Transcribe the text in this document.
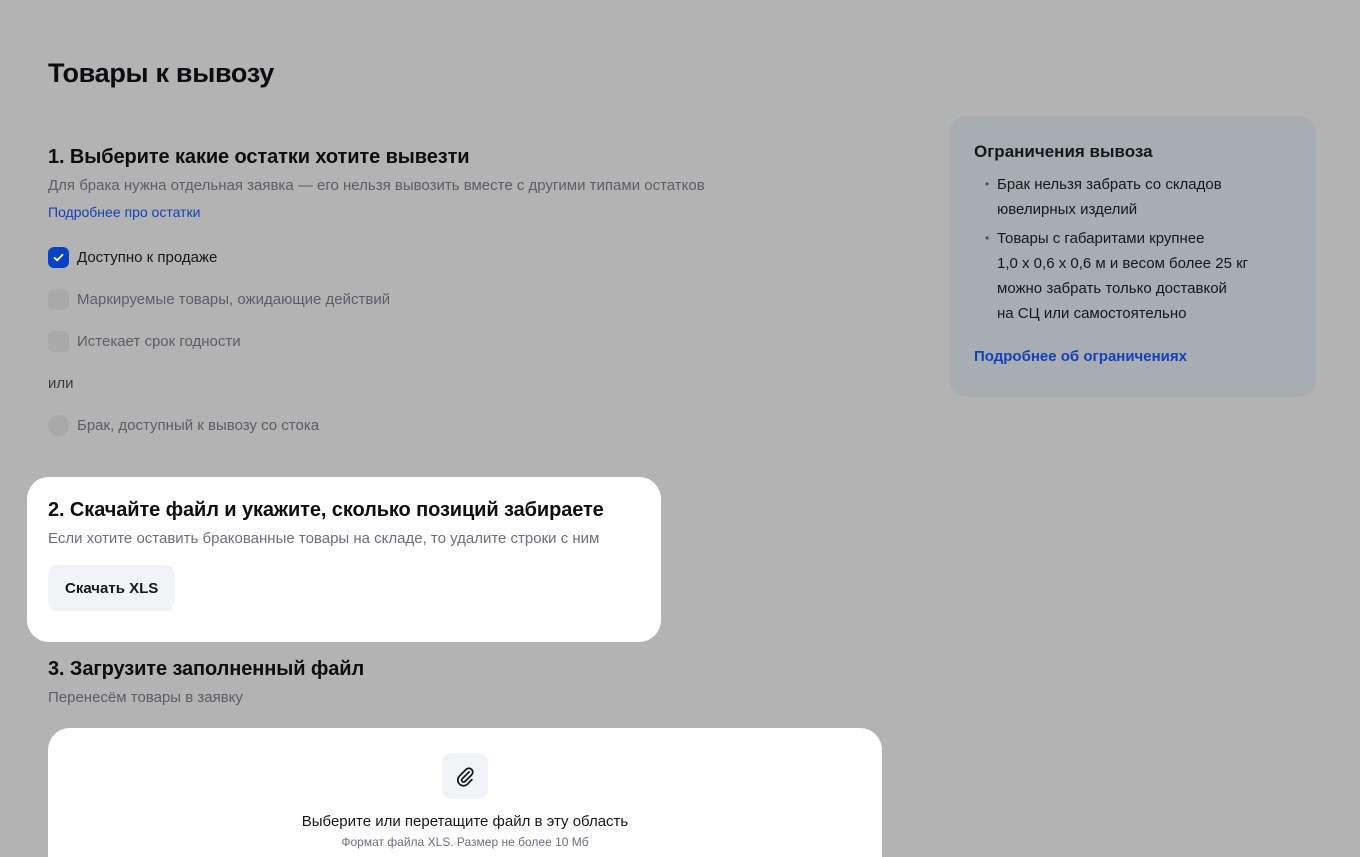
Товары к вывозу
1. Выберите какие остатки хотите вывезти
Для брака нужна отдельная заявка — его нельзя вывозить вместе с другими типами остатков
Подробнее про остатки
Доступно к продаже
Маркируемые товары, ожидающие действий
Истекает срок годности
или
Брак, доступный к вывозу со стока
2. Скачайте файл и укажите, сколько позиций забираете
Если хотите оставить бракованные товары на складе, то удалите строки с ним
Скачать XLS
3. Загрузите заполненный файл
Перенесём товары в заявку
Выберите или перетащите файл в эту область
Формат файла XLS. Размер не более 10 Мб
Ограничения вывоза
• Брак нельзя забрать со складов
ювелирных изделий
• Товары с габаритами крупнее
1,0 х 0,6 х 0,6 м и весом более 25 кг
можно забрать только доставкой
на СЦ или самостоятельно
Подробнее об ограничениях
